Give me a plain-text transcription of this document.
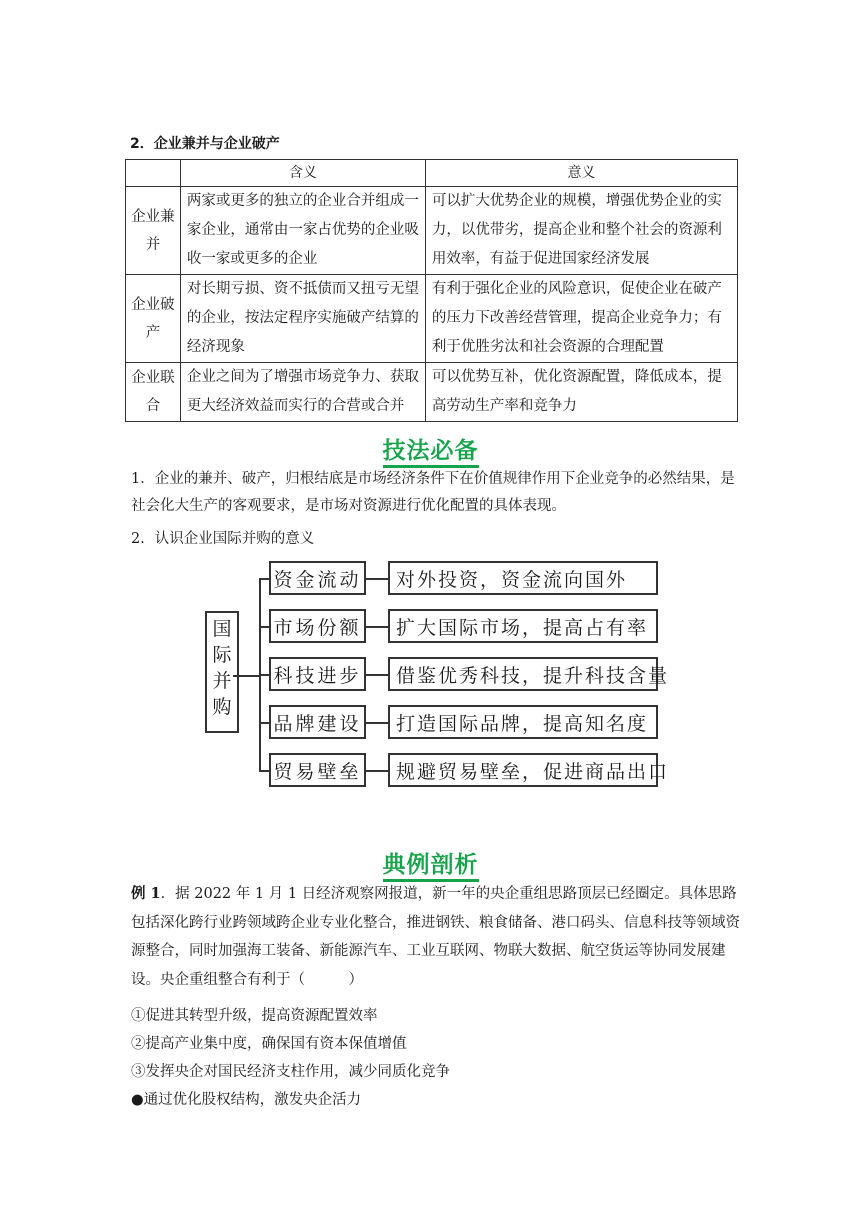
2．企业兼并与企业破产
	含义	意义
企业兼并	两家或更多的独立的企业合并组成一家企业，通常由一家占优势的企业吸收一家或更多的企业	可以扩大优势企业的规模，增强优势企业的实力，以优带劣，提高企业和整个社会的资源利用效率，有益于促进国家经济发展
企业破产	对长期亏损、资不抵债而又扭亏无望的企业，按法定程序实施破产结算的经济现象	有利于强化企业的风险意识，促使企业在破产的压力下改善经营管理，提高企业竞争力；有利于优胜劣汰和社会资源的合理配置
企业联合	企业之间为了增强市场竞争力、获取更大经济效益而实行的合营或合并	可以优势互补，优化资源配置，降低成本，提高劳动生产率和竞争力
技法必备
1．企业的兼并、破产，归根结底是市场经济条件下在价值规律作用下企业竞争的必然结果，是社会化大生产的客观要求，是市场对资源进行优化配置的具体表现。
2．认识企业国际并购的意义
国际并购
资金流动	对外投资，资金流向国外
市场份额	扩大国际市场，提高占有率
科技进步	借鉴优秀科技，提升科技含量
品牌建设	打造国际品牌，提高知名度
贸易壁垒	规避贸易壁垒，促进商品出口
典例剖析
例 1．据 2022 年 1 月 1 日经济观察网报道，新一年的央企重组思路顶层已经圈定。具体思路包括深化跨行业跨领域跨企业专业化整合，推进钢铁、粮食储备、港口码头、信息科技等领域资源整合，同时加强海工装备、新能源汽车、工业互联网、物联大数据、航空货运等协同发展建设。央企重组整合有利于（　　　）
①促进其转型升级，提高资源配置效率
②提高产业集中度，确保国有资本保值增值
③发挥央企对国民经济支柱作用，减少同质化竞争
●通过优化股权结构，激发央企活力
